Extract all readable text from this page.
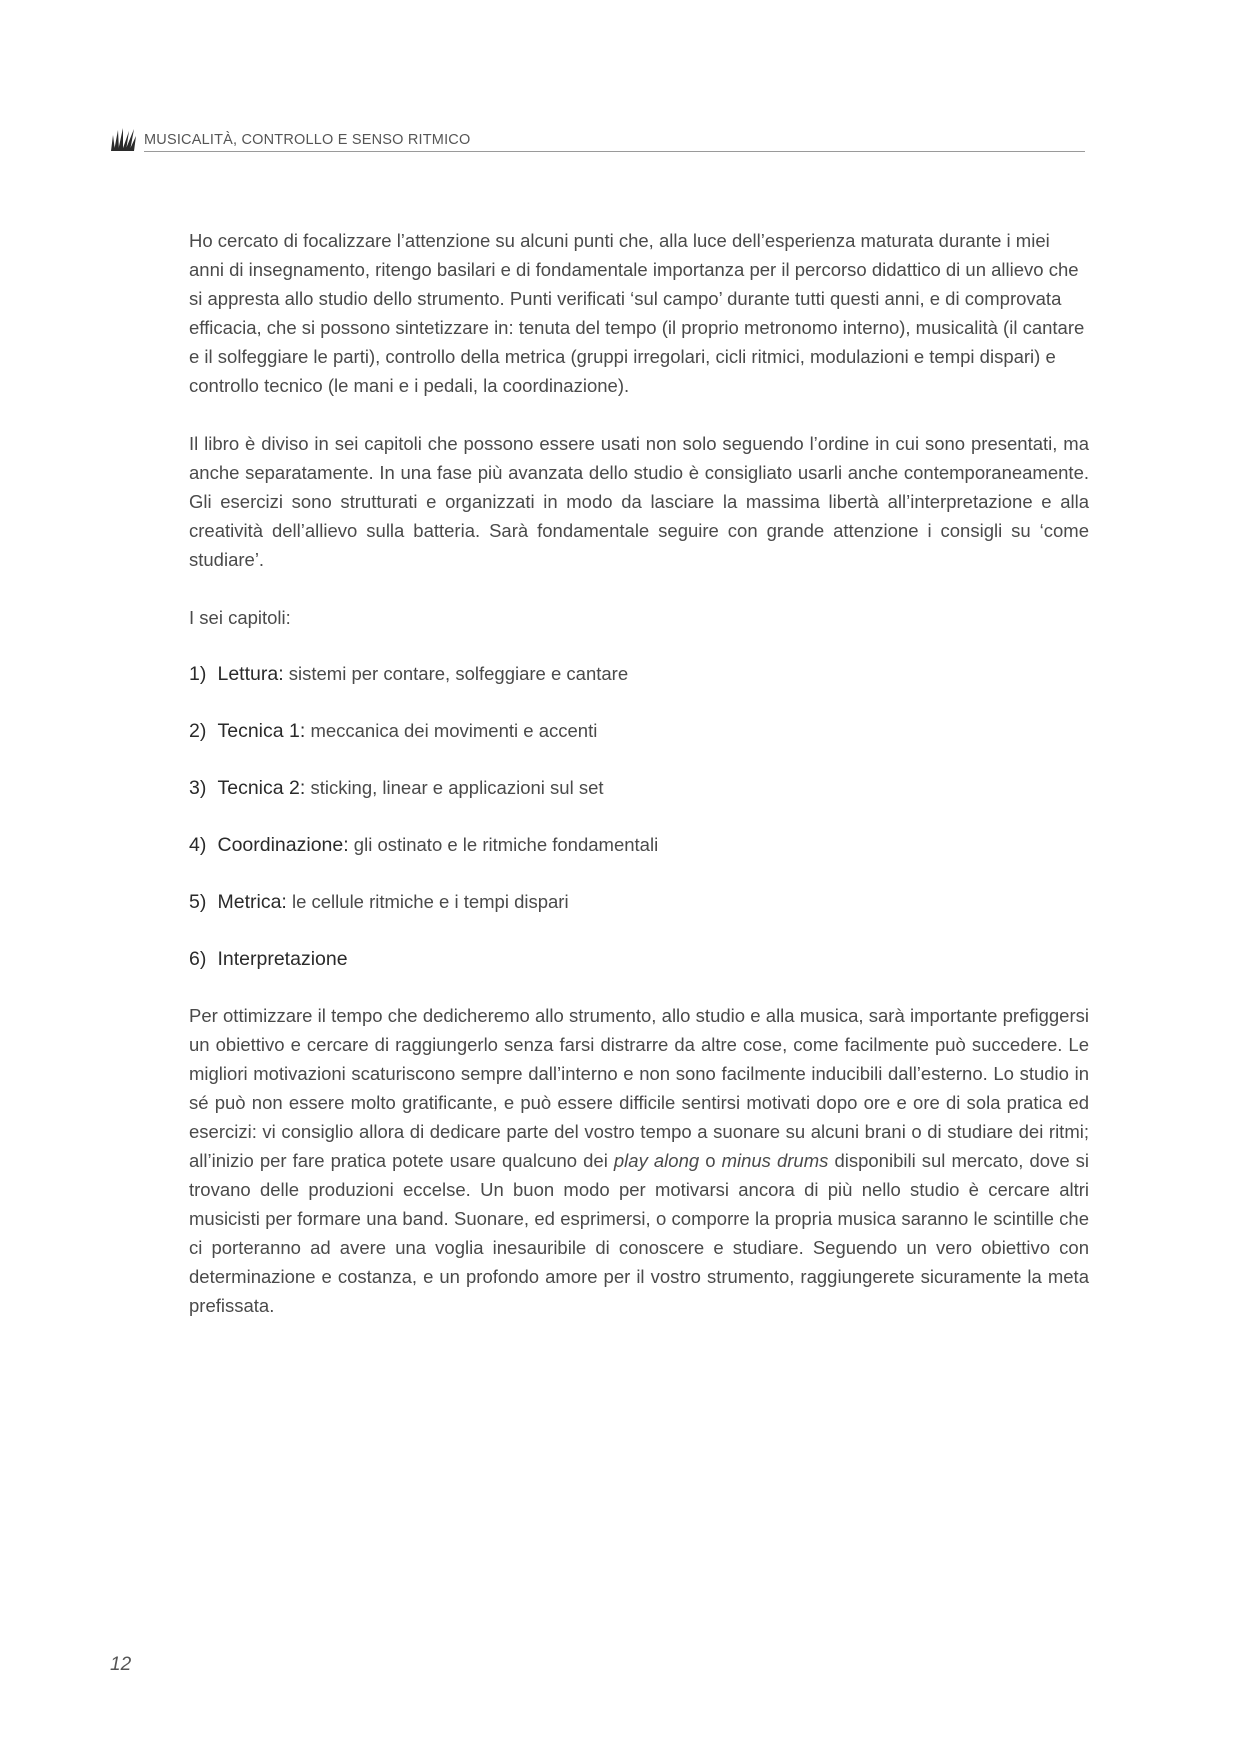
MUSICALITÀ, CONTROLLO E SENSO RITMICO

Ho cercato di focalizzare l’attenzione su alcuni punti che, alla luce dell’esperienza maturata durante i miei anni di insegnamento, ritengo basilari e di fondamentale importanza per il percorso didattico di un allievo che si appresta allo studio dello strumento. Punti verificati ‘sul campo’ durante tutti questi anni, e di comprovata efficacia, che si possono sintetizzare in: tenuta del tempo (il proprio metronomo interno), musicalità (il cantare e il solfeggiare le parti), controllo della metrica (gruppi irregolari, cicli ritmici, modulazioni e tempi dispari) e controllo tecnico (le mani e i pedali, la coordinazione).

Il libro è diviso in sei capitoli che possono essere usati non solo seguendo l’ordine in cui sono presentati, ma anche separatamente. In una fase più avanzata dello studio è consigliato usarli anche contemporaneamente. Gli esercizi sono strutturati e organizzati in modo da lasciare la massima libertà all’interpretazione e alla creatività dell’allievo sulla batteria. Sarà fondamentale seguire con grande attenzione i consigli su ‘come studiare’.

I sei capitoli:

1) Lettura: sistemi per contare, solfeggiare e cantare
2) Tecnica 1: meccanica dei movimenti e accenti
3) Tecnica 2: sticking, linear e applicazioni sul set
4) Coordinazione: gli ostinato e le ritmiche fondamentali
5) Metrica: le cellule ritmiche e i tempi dispari
6) Interpretazione

Per ottimizzare il tempo che dedicheremo allo strumento, allo studio e alla musica, sarà importante prefiggersi un obiettivo e cercare di raggiungerlo senza farsi distrarre da altre cose, come facilmente può succedere. Le migliori motivazioni scaturiscono sempre dall’interno e non sono facilmente inducibili dall’esterno. Lo studio in sé può non essere molto gratificante, e può essere difficile sentirsi motivati dopo ore e ore di sola pratica ed esercizi: vi consiglio allora di dedicare parte del vostro tempo a suonare su alcuni brani o di studiare dei ritmi; all’inizio per fare pratica potete usare qualcuno dei play along o minus drums disponibili sul mercato, dove si trovano delle produzioni eccelse. Un buon modo per motivarsi ancora di più nello studio è cercare altri musicisti per formare una band. Suonare, ed esprimersi, o comporre la propria musica saranno le scintille che ci porteranno ad avere una voglia inesauribile di conoscere e studiare. Seguendo un vero obiettivo con determinazione e costanza, e un profondo amore per il vostro strumento, raggiungerete sicuramente la meta prefissata.

12
